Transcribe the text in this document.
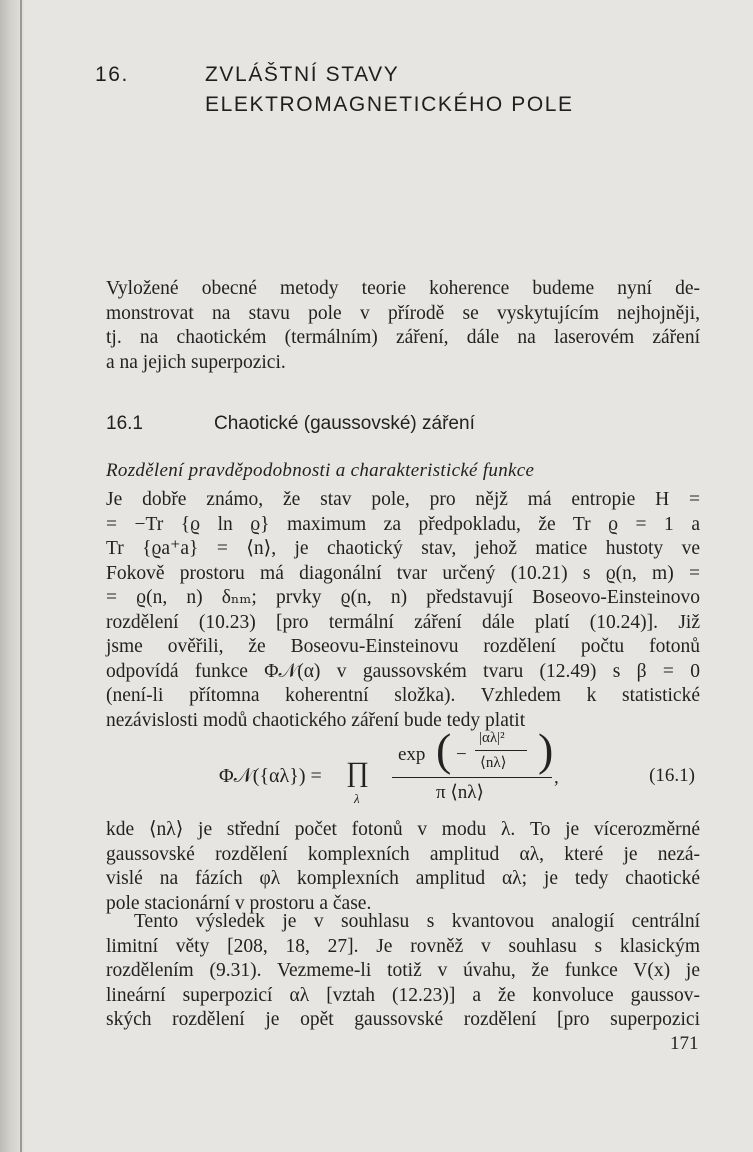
16.	ZVLÁŠTNÍ STAVY
ELEKTROMAGNETICKÉHO POLE
Vyložené obecné metody teorie koherence budeme nyní de-
monstrovat na stavu pole v přírodě se vyskytujícím nejhojněji,
tj. na chaotickém (termálním) záření, dále na laserovém záření
a na jejich superpozici.
16.1	Chaotické (gaussovské) záření
Rozdělení pravděpodobnosti a charakteristické funkce
Je dobře známo, že stav pole, pro nějž má entropie H =
= −Tr {ϱ ln ϱ} maximum za předpokladu, že Tr ϱ = 1 a
Tr {ϱa⁺a} = ⟨n⟩, je chaotický stav, jehož matice hustoty ve
Fokově prostoru má diagonální tvar určený (10.21) s ϱ(n, m) =
= ϱ(n, n) δₙₘ; prvky ϱ(n, n) představují Boseovo-Einsteinovo
rozdělení (10.23) [pro termální záření dále platí (10.24)]. Již
jsme ověřili, že Boseovu-Einsteinovu rozdělení počtu fotonů
odpovídá funkce Φ𝒩(α) v gaussovském tvaru (12.49) s β = 0
(není-li přítomna koherentní složka). Vzhledem k statistické
nezávislosti modů chaotického záření bude tedy platit
Φ𝒩({αλ}) = ∏
λ
exp ( −
|αλ|²
⟨nλ⟩ )
π ⟨nλ⟩
,	(16.1)
kde ⟨nλ⟩ je střední počet fotonů v modu λ. To je vícerozměrné
gaussovské rozdělení komplexních amplitud αλ, které je nezá-
vislé na fázích φλ komplexních amplitud αλ; je tedy chaotické
pole stacionární v prostoru a čase.
Tento výsledek je v souhlasu s kvantovou analogií centrální
limitní věty [208, 18, 27]. Je rovněž v souhlasu s klasickým
rozdělením (9.31). Vezmeme-li totiž v úvahu, že funkce V(x) je
lineární superpozicí αλ [vztah (12.23)] a že konvoluce gaussov-
ských rozdělení je opět gaussovské rozdělení [pro superpozici
171
